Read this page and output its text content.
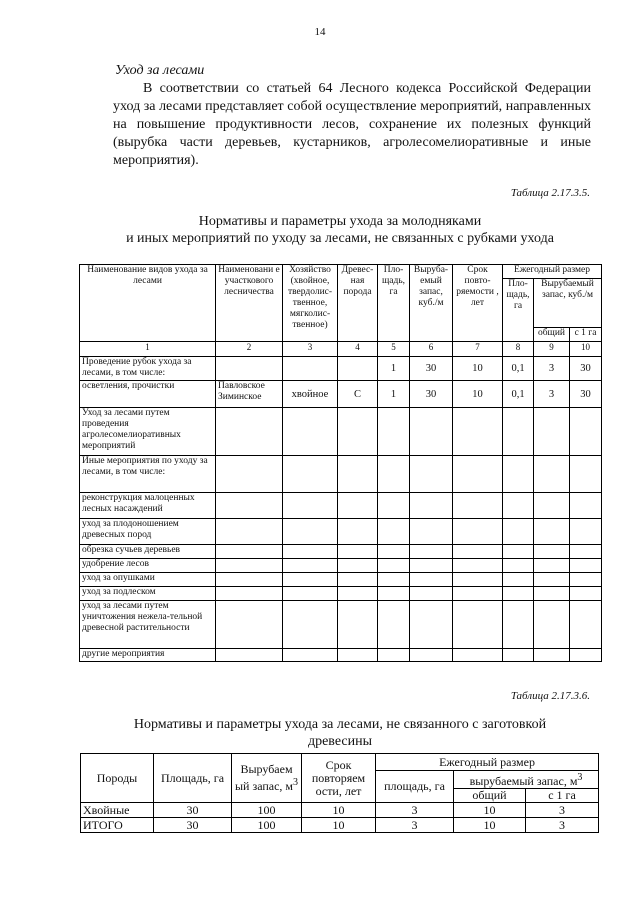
14
Уход за лесами
В соответствии со статьей 64 Лесного кодекса Российской Федерации уход за лесами представляет собой осуществление мероприятий, направленных на повышение продуктивности лесов, сохранение их полезных функций (вырубка части деревьев, кустарников, агролесомелиоративные и иные мероприятия).
Таблица 2.17.3.5.
Нормативы и параметры ухода за молодняками
и иных мероприятий по уходу за лесами, не связанных с рубками ухода
Наименование видов ухода за лесами	Наименовани е участкового лесничества	Хозяйство (хвойное, твердолис-твенное, мягколис-твенное)	Древес-ная порода	Пло-щадь, га	Выруба-емый запас, куб./м	Срок повто-ряемости , лет	Ежегодный размер		
							Пло-щадь, га	Вырубаемый запас, куб./м	
								общий	с 1 га
1	2	3	4	5	6	7	8	9	10
Проведение рубок ухода за лесами, в том числе:				1	30	10	0,1	3	30
осветления, прочистки	Павловское Зиминское	хвойное	С	1	30	10	0,1	3	30
Уход за лесами путем проведения агролесомелиоративных мероприятий									
Иные мероприятия по уходу за лесами, в том числе:									
реконструкция малоценных лесных насаждений									
уход за плодоношением древесных пород									
обрезка сучьев деревьев									
удобрение лесов									
уход за опушками									
уход за подлеском									
уход за лесами путем уничтожения нежела-тельной древесной растительности									
другие мероприятия									
Таблица 2.17.3.6.
Нормативы и параметры ухода за лесами, не связанного с заготовкой
древесины
Породы	Площадь, га	Вырубаем ый запас, $м^3$	Срок повторяем ости, лет	Ежегодный размер		
				площадь, га	вырубаемый запас, $м^3$
					общий	с 1 га
Хвойные	30	100	10	3	10	3
ИТОГО	30	100	10	3	10	3
